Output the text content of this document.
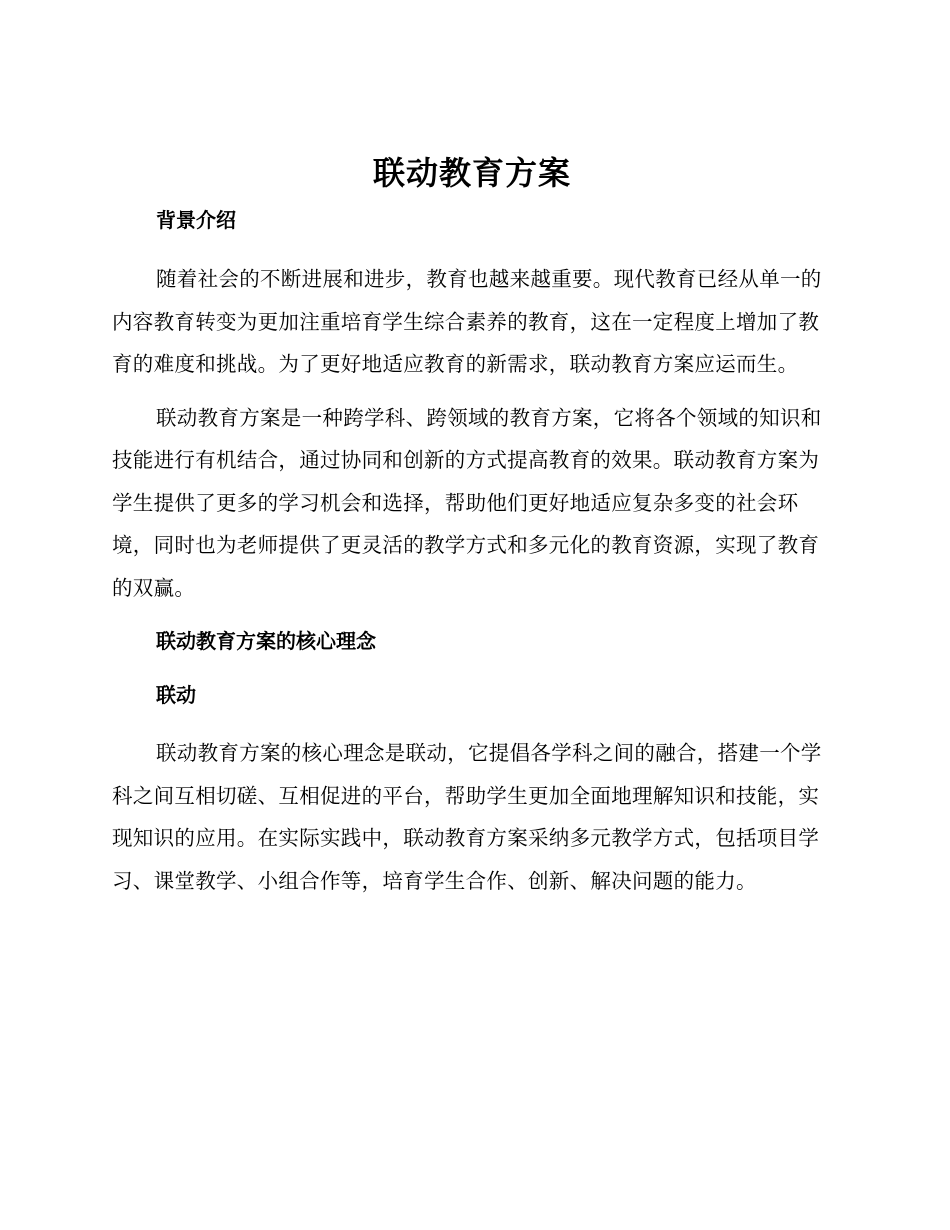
联动教育方案
背景介绍

随着社会的不断进展和进步，教育也越来越重要。现代教育已经从单一的内容教育转变为更加注重培育学生综合素养的教育，这在一定程度上增加了教育的难度和挑战。为了更好地适应教育的新需求，联动教育方案应运而生。

联动教育方案是一种跨学科、跨领域的教育方案，它将各个领域的知识和技能进行有机结合，通过协同和创新的方式提高教育的效果。联动教育方案为学生提供了更多的学习机会和选择，帮助他们更好地适应复杂多变的社会环境，同时也为老师提供了更灵活的教学方式和多元化的教育资源，实现了教育的双赢。

联动教育方案的核心理念
联动

联动教育方案的核心理念是联动，它提倡各学科之间的融合，搭建一个学科之间互相切磋、互相促进的平台，帮助学生更加全面地理解知识和技能，实现知识的应用。在实际实践中，联动教育方案采纳多元教学方式，包括项目学习、课堂教学、小组合作等，培育学生合作、创新、解决问题的能力。
